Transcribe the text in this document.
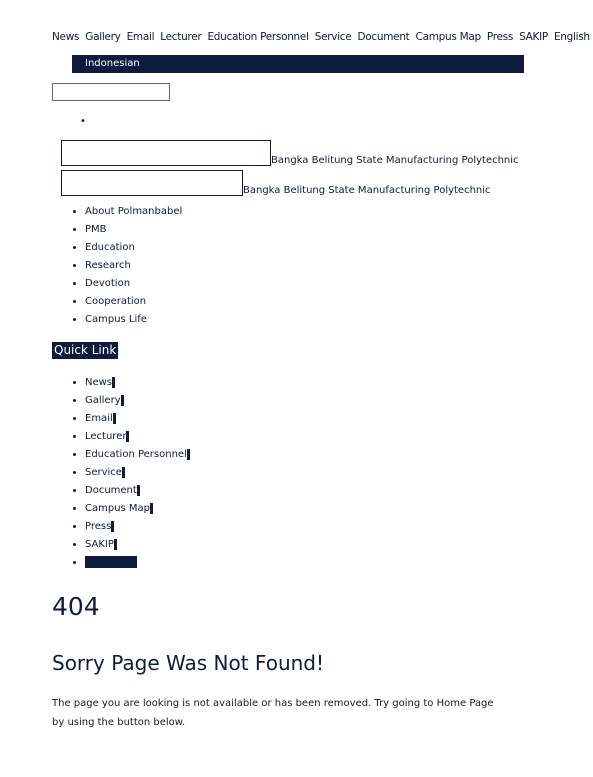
News Gallery Email Lecturer Education Personnel Service Document Campus Map Press SAKIP English
Indonesian
•
Bangka Belitung State Manufacturing Polytechnic
Bangka Belitung State Manufacturing Polytechnic
• About Polmanbabel
• PMB
• Education
• Research
• Devotion
• Cooperation
• Campus Life
Quick Link
• News
• Gallery
• Email
• Lecturer
• Education Personnel
• Service
• Document
• Campus Map
• Press
• SAKIP
•
404
Sorry Page Was Not Found!
The page you are looking is not available or has been removed. Try going to Home Page by using the button below.
